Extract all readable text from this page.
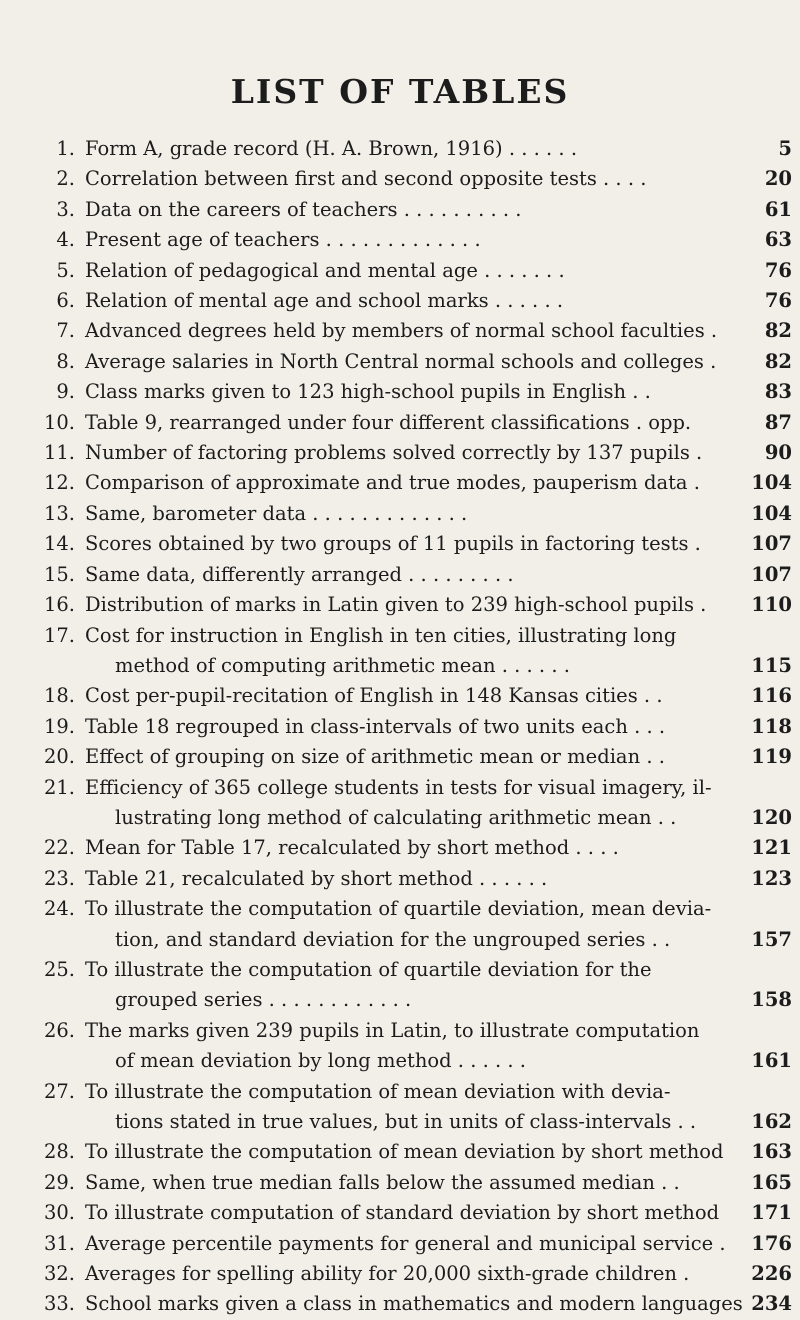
LIST OF TABLES
1. Form A, grade record (H. A. Brown, 1916) . . . . . .	5
2. Correlation between first and second opposite tests . . . .	20
3. Data on the careers of teachers . . . . . . . . . .	61
4. Present age of teachers . . . . . . . . . . . . .	63
5. Relation of pedagogical and mental age . . . . . . .	76
6. Relation of mental age and school marks . . . . . .	76
7. Advanced degrees held by members of normal school faculties .	82
8. Average salaries in North Central normal schools and colleges .	82
9. Class marks given to 123 high-school pupils in English . .	83
10. Table 9, rearranged under four different classifications . opp.	87
11. Number of factoring problems solved correctly by 137 pupils .	90
12. Comparison of approximate and true modes, pauperism data .	104
13. Same, barometer data . . . . . . . . . . . . .	104
14. Scores obtained by two groups of 11 pupils in factoring tests .	107
15. Same data, differently arranged . . . . . . . . .	107
16. Distribution of marks in Latin given to 239 high-school pupils .	110
17. Cost for instruction in English in ten cities, illustrating long
method of computing arithmetic mean . . . . . .	115
18. Cost per-pupil-recitation of English in 148 Kansas cities . .	116
19. Table 18 regrouped in class-intervals of two units each . . .	118
20. Effect of grouping on size of arithmetic mean or median . .	119
21. Efficiency of 365 college students in tests for visual imagery, il-
lustrating long method of calculating arithmetic mean . .	120
22. Mean for Table 17, recalculated by short method . . . .	121
23. Table 21, recalculated by short method . . . . . .	123
24. To illustrate the computation of quartile deviation, mean devia-
tion, and standard deviation for the ungrouped series . .	157
25. To illustrate the computation of quartile deviation for the
grouped series . . . . . . . . . . . .	158
26. The marks given 239 pupils in Latin, to illustrate computation
of mean deviation by long method . . . . . .	161
27. To illustrate the computation of mean deviation with devia-
tions stated in true values, but in units of class-intervals . .	162
28. To illustrate the computation of mean deviation by short method	163
29. Same, when true median falls below the assumed median . .	165
30. To illustrate computation of standard deviation by short method	171
31. Average percentile payments for general and municipal service .	176
32. Averages for spelling ability for 20,000 sixth-grade children .	226
33. School marks given a class in mathematics and modern languages 234
